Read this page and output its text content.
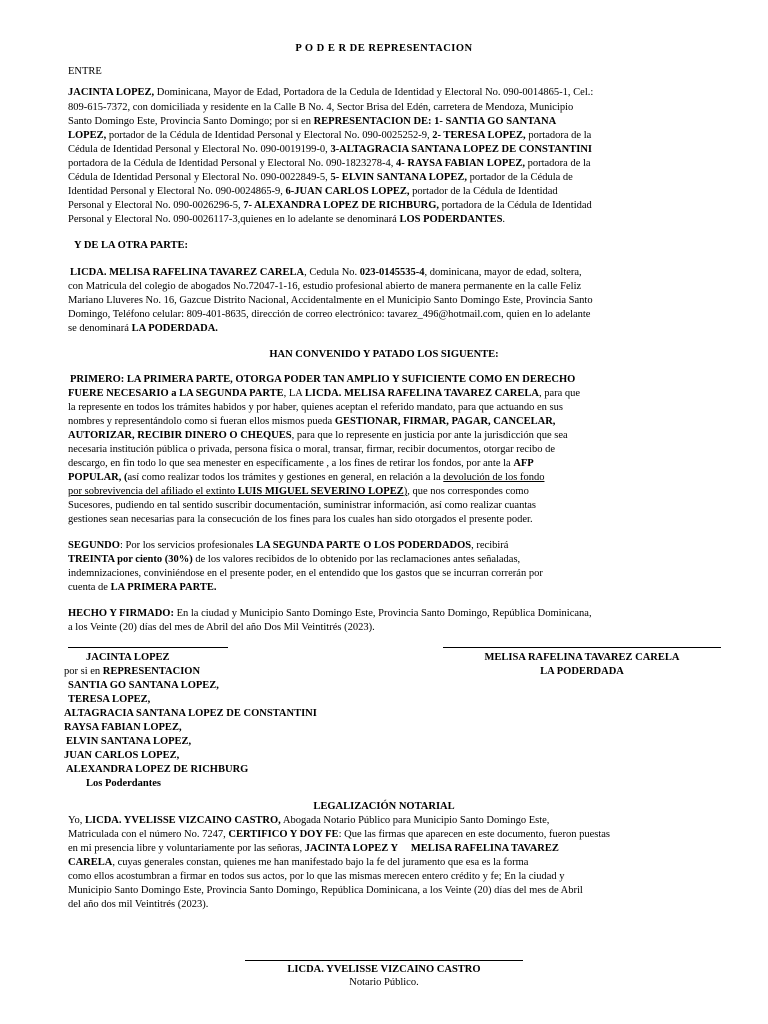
P O D E R DE REPRESENTACION
ENTRE
JACINTA LOPEZ, Dominicana, Mayor de Edad, Portadora de la Cedula de Identidad y Electoral No. 090-0014865-1, Cel.:
809-615-7372, con domiciliada y residente en la Calle B No. 4, Sector Brisa del Edén, carretera de Mendoza, Municipio
Santo Domingo Este, Provincia Santo Domingo; por si en REPRESENTACION DE: 1- SANTIA GO SANTANA
LOPEZ, portador de la Cédula de Identidad Personal y Electoral No. 090-0025252-9, 2- TERESA LOPEZ, portadora de la
Cédula de Identidad Personal y Electoral No. 090-0019199-0, 3-ALTAGRACIA SANTANA LOPEZ DE CONSTANTINI
portadora de la Cédula de Identidad Personal y Electoral No. 090-1823278-4, 4- RAYSA FABIAN LOPEZ, portadora de la
Cédula de Identidad Personal y Electoral No. 090-0022849-5, 5- ELVIN SANTANA LOPEZ, portador de la Cédula de
Identidad Personal y Electoral No. 090-0024865-9, 6-JUAN CARLOS LOPEZ, portador de la Cédula de Identidad
Personal y Electoral No. 090-0026296-5, 7- ALEXANDRA LOPEZ DE RICHBURG, portadora de la Cédula de Identidad
Personal y Electoral No. 090-0026117-3,quienes en lo adelante se denominará LOS PODERDANTES.
Y DE LA OTRA PARTE:
LICDA. MELISA RAFELINA TAVAREZ CARELA, Cedula No. 023-0145535-4, dominicana, mayor de edad, soltera,
con Matricula del colegio de abogados No.72047-1-16, estudio profesional abierto de manera permanente en la calle Feliz
Mariano Lluveres No. 16, Gazcue Distrito Nacional, Accidentalmente en el Municipio Santo Domingo Este, Provincia Santo
Domingo, Teléfono celular: 809-401-8635, dirección de correo electrónico: tavarez_496@hotmail.com, quien en lo adelante
se denominará LA PODERDADA.
HAN CONVENIDO Y PATADO LOS SIGUENTE:
PRIMERO: LA PRIMERA PARTE, OTORGA PODER TAN AMPLIO Y SUFICIENTE COMO EN DERECHO
FUERE NECESARIO a LA SEGUNDA PARTE, LA LICDA. MELISA RAFELINA TAVAREZ CARELA, para que
la represente en todos los trámites habidos y por haber, quienes aceptan el referido mandato, para que actuando en sus
nombres y representándolo como si fueran ellos mismos pueda GESTIONAR, FIRMAR, PAGAR, CANCELAR,
AUTORIZAR, RECIBIR DINERO O CHEQUES, para que lo represente en justicia por ante la jurisdicción que sea
necesaria institución pública o privada, persona física o moral, transar, firmar, recibir documentos, otorgar recibo de
descargo, en fin todo lo que sea menester en específicamente , a los fines de retirar los fondos, por ante la AFP
POPULAR, (así como realizar todos los trámites y gestiones en general, en relación a la devolución de los fondo
por sobrevivencia del afiliado el extinto LUIS MIGUEL SEVERINO LOPEZ), que nos correspondes como
Sucesores, pudiendo en tal sentido suscribir documentación, suministrar información, así como realizar cuantas
gestiones sean necesarias para la consecución de los fines para los cuales han sido otorgados el presente poder.
SEGUNDO: Por los servicios profesionales LA SEGUNDA PARTE O LOS PODERDADOS, recibirá
TREINTA por ciento (30%) de los valores recibidos de lo obtenido por las reclamaciones antes señaladas,
indemnizaciones, conviniéndose en el presente poder, en el entendido que los gastos que se incurran correrán por
cuenta de LA PRIMERA PARTE.
HECHO Y FIRMADO: En la ciudad y Municipio Santo Domingo Este, Provincia Santo Domingo, República Dominicana,
a los Veinte (20) días del mes de Abril del año Dos Mil Veintitrés (2023).
JACINTA LOPEZ	MELISA RAFELINA TAVAREZ CARELA
por si en REPRESENTACION	LA PODERDADA
SANTIA GO SANTANA LOPEZ,
TERESA LOPEZ,
ALTAGRACIA SANTANA LOPEZ DE CONSTANTINI
RAYSA FABIAN LOPEZ,
ELVIN SANTANA LOPEZ,
JUAN CARLOS LOPEZ,
ALEXANDRA LOPEZ DE RICHBURG
Los Poderdantes
LEGALIZACIÓN NOTARIAL
Yo, LICDA. YVELISSE VIZCAINO CASTRO, Abogada Notario Público para Municipio Santo Domingo Este,
Matriculada con el número No. 7247, CERTIFICO Y DOY FE: Que las firmas que aparecen en este documento, fueron puestas
en mi presencia libre y voluntariamente por las señoras, JACINTA LOPEZ Y     MELISA RAFELINA TAVAREZ
CARELA, cuyas generales constan, quienes me han manifestado bajo la fe del juramento que esa es la forma
como ellos acostumbran a firmar en todos sus actos, por lo que las mismas merecen entero crédito y fe; En la ciudad y
Municipio Santo Domingo Este, Provincia Santo Domingo, República Dominicana, a los Veinte (20) días del mes de Abril
del año dos mil Veintitrés (2023).
LICDA. YVELISSE VIZCAINO CASTRO
Notario Público.
